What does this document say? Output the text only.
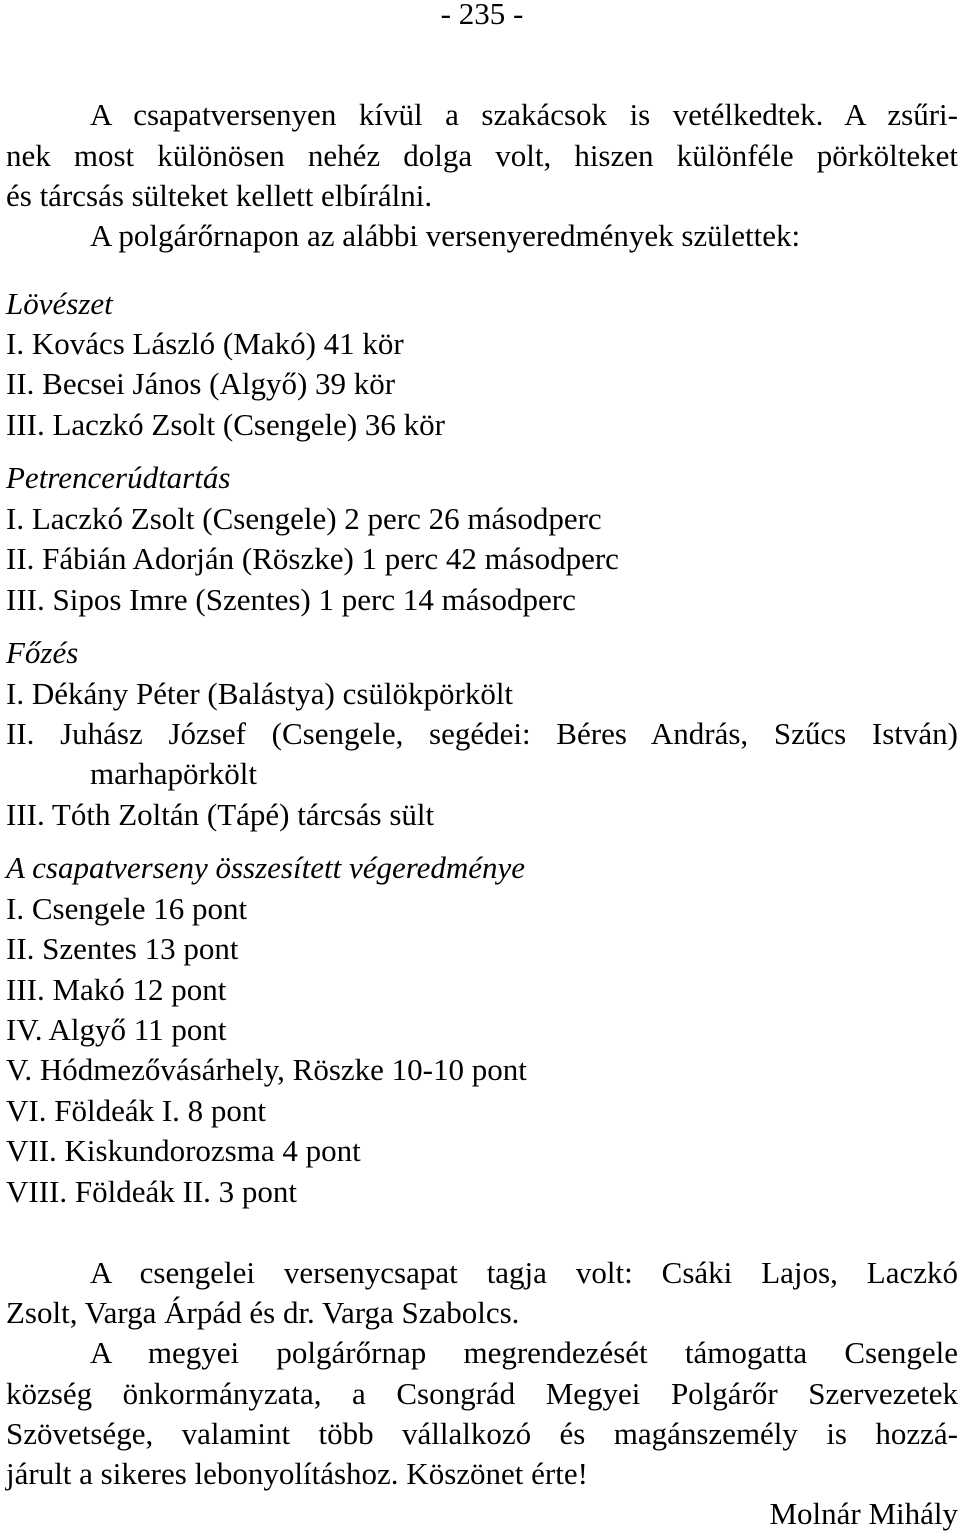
- 235 -
A csapatversenyen kívül a szakácsok is vetélkedtek. A zsűri-
nek most különösen nehéz dolga volt, hiszen különféle pörkölteket
és tárcsás sülteket kellett elbírálni.
A polgárőrnapon az alábbi versenyeredmények születtek:
Lövészet
I. Kovács László (Makó) 41 kör
II. Becsei János (Algyő) 39 kör
III. Laczkó Zsolt (Csengele) 36 kör
Petrencerúdtartás
I. Laczkó Zsolt (Csengele) 2 perc 26 másodperc
II. Fábián Adorján (Röszke) 1 perc 42 másodperc
III. Sipos Imre (Szentes) 1 perc 14 másodperc
Főzés
I. Dékány Péter (Balástya) csülökpörkölt
II. Juhász József (Csengele, segédei: Béres András, Szűcs István)
marhapörkölt
III. Tóth Zoltán (Tápé) tárcsás sült
A csapatverseny összesített végeredménye
I. Csengele 16 pont
II. Szentes 13 pont
III. Makó 12 pont
IV. Algyő 11 pont
V. Hódmezővásárhely, Röszke 10-10 pont
VI. Földeák I. 8 pont
VII. Kiskundorozsma 4 pont
VIII. Földeák II. 3 pont
A csengelei versenycsapat tagja volt: Csáki Lajos, Laczkó
Zsolt, Varga Árpád és dr. Varga Szabolcs.
A megyei polgárőrnap megrendezését támogatta Csengele
község önkormányzata, a Csongrád Megyei Polgárőr Szervezetek
Szövetsége, valamint több vállalkozó és magánszemély is hozzá-
járult a sikeres lebonyolításhoz. Köszönet érte!
Molnár Mihály
